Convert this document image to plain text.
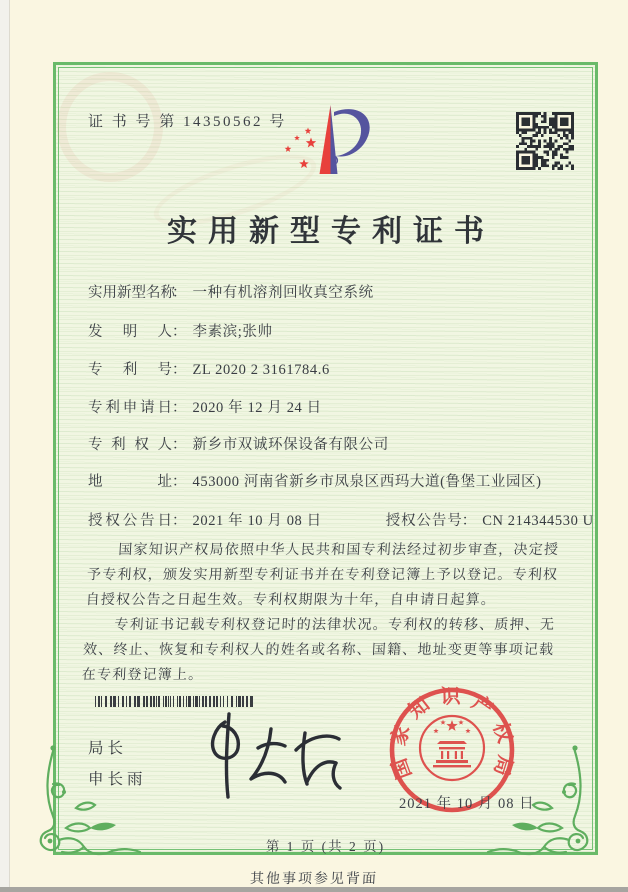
证 书 号 第 14350562 号
实用新型专利证书
实用新型名称： 一种有机溶剂回收真空系统
发明人： 李素滨;张帅
专利号： ZL 2020 2 3161784.6
专利申请日： 2020 年 12 月 24 日
专利权人： 新乡市双诚环保设备有限公司
地址： 453000 河南省新乡市凤泉区西玛大道(鲁堡工业园区)
授权公告日： 2021 年 10 月 08 日	授权公告号： CN 214344530 U

国家知识产权局依照中华人民共和国专利法经过初步审查，决定授予专利权，颁发实用新型专利证书并在专利登记簿上予以登记。专利权自授权公告之日起生效。专利权期限为十年，自申请日起算。

专利证书记载专利权登记时的法律状况。专利权的转移、质押、无效、终止、恢复和专利权人的姓名或名称、国籍、地址变更等事项记载在专利登记簿上。

局长
申长雨	国家知识产权局
2021 年 10 月 08 日
第 1 页 (共 2 页)
其他事项参见背面
